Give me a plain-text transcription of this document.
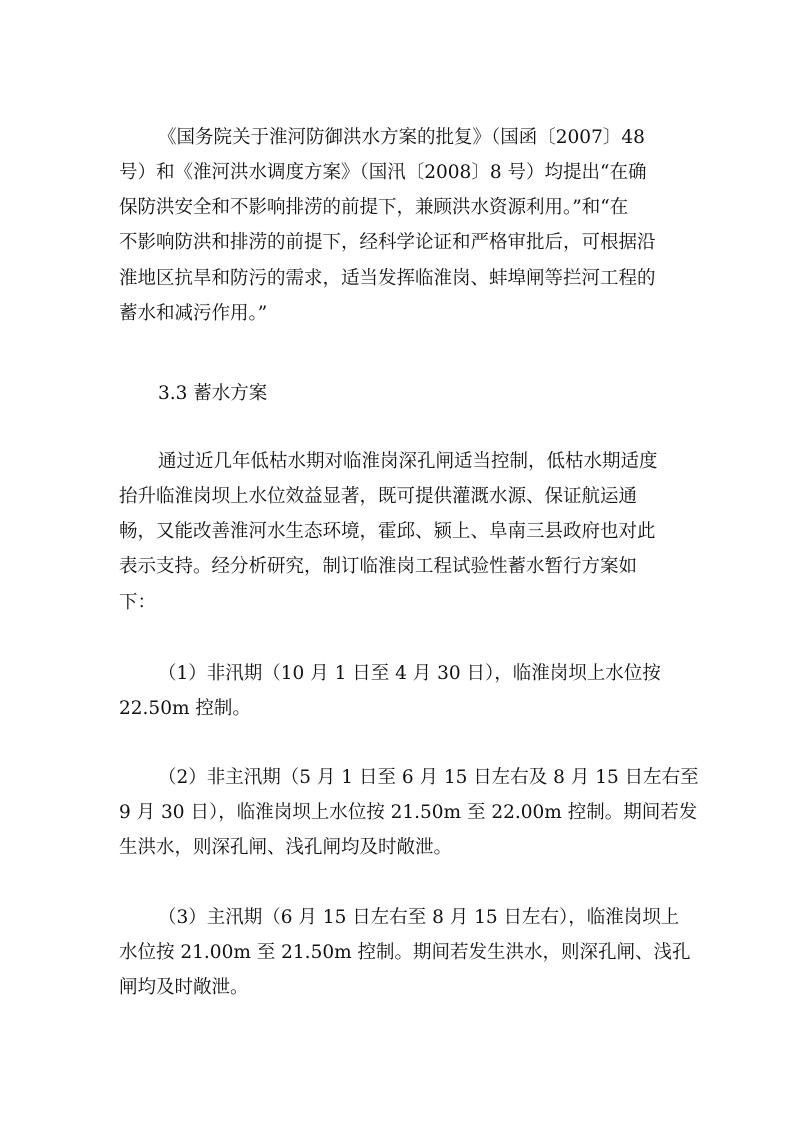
《国务院关于淮河防御洪水方案的批复》（国函〔2007〕48
号）和《淮河洪水调度方案》（国汛〔2008〕8 号）均提出“在确
保防洪安全和不影响排涝的前提下，兼顾洪水资源利用。”和“在
不影响防洪和排涝的前提下，经科学论证和严格审批后，可根据沿
淮地区抗旱和防污的需求，适当发挥临淮岗、蚌埠闸等拦河工程的
蓄水和减污作用。”
3.3 蓄水方案
通过近几年低枯水期对临淮岗深孔闸适当控制，低枯水期适度
抬升临淮岗坝上水位效益显著，既可提供灌溉水源、保证航运通
畅，又能改善淮河水生态环境，霍邱、颍上、阜南三县政府也对此
表示支持。经分析研究，制订临淮岗工程试验性蓄水暂行方案如
下：
（1）非汛期（10 月 1 日至 4 月 30 日），临淮岗坝上水位按
22.50m 控制。
（2）非主汛期（5 月 1 日至 6 月 15 日左右及 8 月 15 日左右至
9 月 30 日），临淮岗坝上水位按 21.50m 至 22.00m 控制。期间若发
生洪水，则深孔闸、浅孔闸均及时敞泄。
（3）主汛期（6 月 15 日左右至 8 月 15 日左右），临淮岗坝上
水位按 21.00m 至 21.50m 控制。期间若发生洪水，则深孔闸、浅孔
闸均及时敞泄。
